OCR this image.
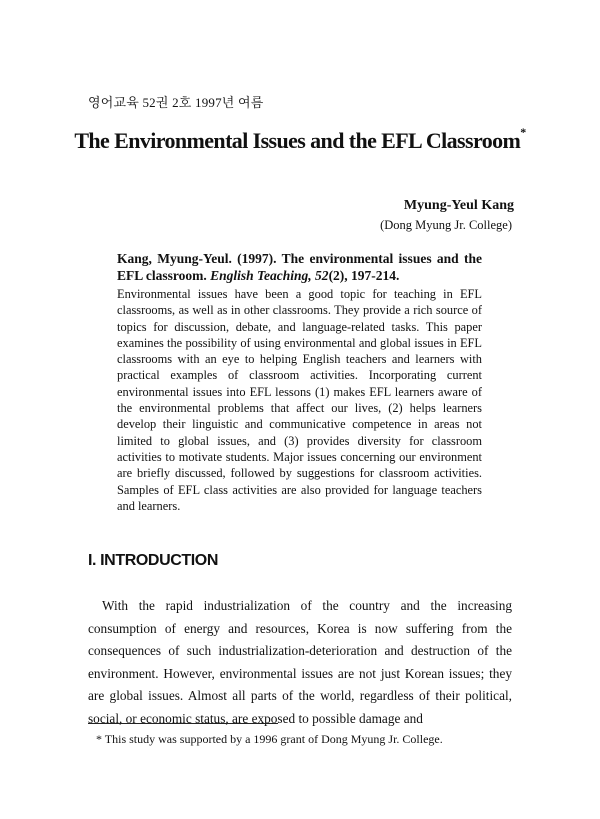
영어교육 52권 2호 1997년 여름
The Environmental Issues and the EFL Classroom*
Myung-Yeul Kang
(Dong Myung Jr. College)
Kang, Myung-Yeul. (1997). The environmental issues and the EFL classroom. English Teaching, 52(2), 197-214.
Environmental issues have been a good topic for teaching in EFL classrooms, as well as in other classrooms. They provide a rich source of topics for discussion, debate, and language-related tasks. This paper examines the possibility of using environmental and global issues in EFL classrooms with an eye to helping English teachers and learners with practical examples of classroom activities. Incorporating current environmental issues into EFL lessons (1) makes EFL learners aware of the environmental problems that affect our lives, (2) helps learners develop their linguistic and communicative competence in areas not limited to global issues, and (3) provides diversity for classroom activities to motivate students. Major issues concerning our environment are briefly discussed, followed by suggestions for classroom activities. Samples of EFL class activities are also provided for language teachers and learners.
I. INTRODUCTION
With the rapid industrialization of the country and the increasing consumption of energy and resources, Korea is now suffering from the consequences of such industrialization-deterioration and destruction of the environment. However, environmental issues are not just Korean issues; they are global issues. Almost all parts of the world, regardless of their political, social, or economic status, are exposed to possible damage and
* This study was supported by a 1996 grant of Dong Myung Jr. College.
